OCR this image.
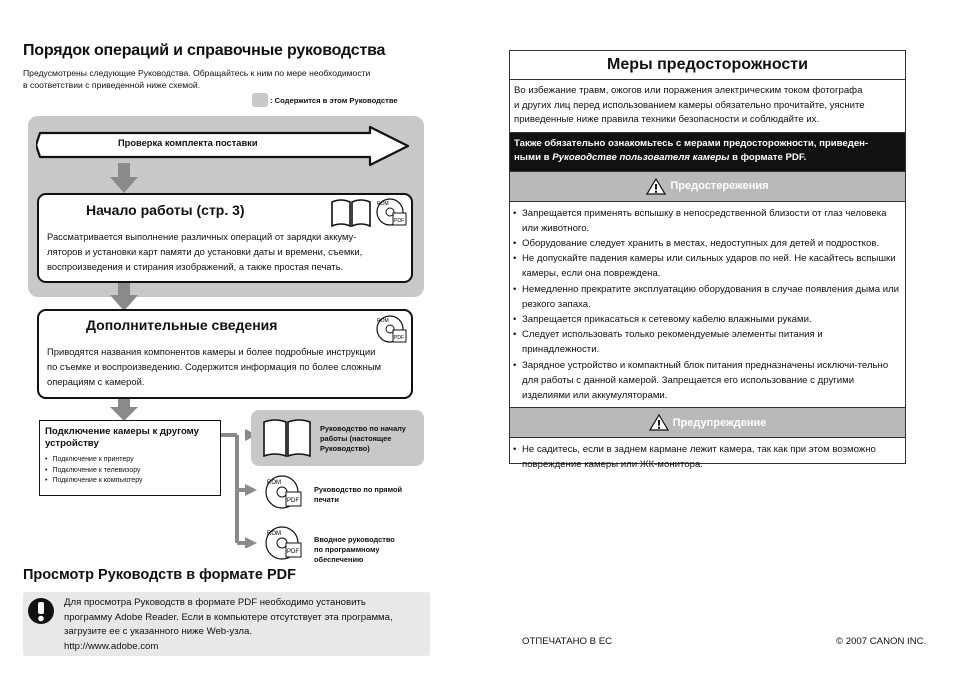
Порядок операций и справочные руководства
Предусмотрены следующие Руководства. Обращайтесь к ним по мере необходимости
в соответствии с приведенной ниже схемой.
: Содержится в этом Руководстве
Проверка комплекта поставки
Начало работы (стр. 3)	ROM
PDF
Рассматривается выполнение различных операций от зарядки аккуму-
ляторов и установки карт памяти до установки даты и времени, съемки,
воспроизведения и стирания изображений, а также простая печать.
Дополнительные сведения	ROM
PDF
Приводятся названия компонентов камеры и более подробные инструкции
по съемке и воспроизведению. Содержится информация по более сложным
операциям с камерой.
Подключение камеры к другому
устройству
• Подключение к принтеру
• Подключение к телевизору
• Подключение к компьютеру
Руководство по началу
работы (настоящее
Руководство)
ROM
PDF
Руководство по прямой
печати
ROM
PDF
Вводное руководство
по программному
обеспечению
Просмотр Руководств в формате PDF
Для просмотра Руководств в формате PDF необходимо установить
программу Adobe Reader. Если в компьютере отсутствует эта программа,
загрузите ее с указанного ниже Web-узла.
http://www.adobe.com
Меры предосторожности
Во избежание травм, ожогов или поражения электрическим током фотографа
и других лиц перед использованием камеры обязательно прочитайте, уясните
приведенные ниже правила техники безопасности и соблюдайте их.
Также обязательно ознакомьтесь с мерами предосторожности, приведен-
ными в Руководстве пользователя камеры в формате PDF.
Предостережения
• Запрещается применять вспышку в непосредственной близости от глаз человека или животного.
• Оборудование следует хранить в местах, недоступных для детей и подростков.
• Не допускайте падения камеры или сильных ударов по ней. Не касайтесь вспышки камеры, если она повреждена.
• Немедленно прекратите эксплуатацию оборудования в случае появления дыма или резкого запаха.
• Запрещается прикасаться к сетевому кабелю влажными руками.
• Следует использовать только рекомендуемые элементы питания и принадлежности.
• Зарядное устройство и компактный блок питания предназначены исключи-тельно для работы с данной камерой. Запрещается его использование с другими изделиями или аккумуляторами.
Предупреждение
• Не садитесь, если в заднем кармане лежит камера, так как при этом возможно повреждение камеры или ЖК-монитора.
ОТПЕЧАТАНО В ЕС	© 2007 CANON INC.
